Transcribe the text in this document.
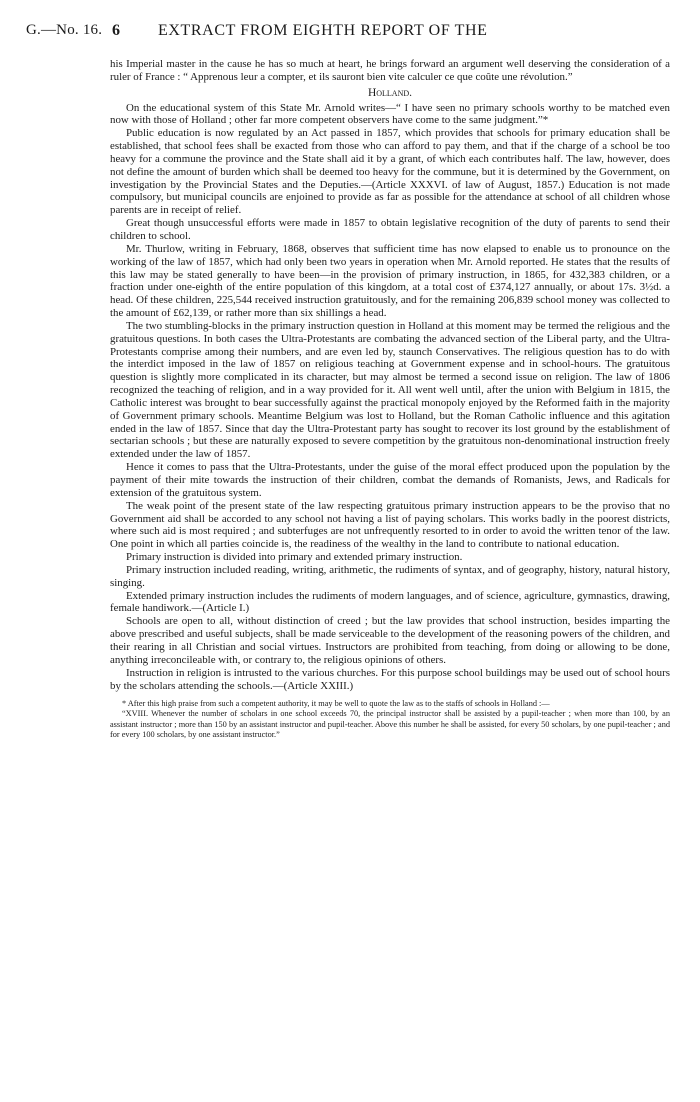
G.—No. 16. 6 EXTRACT FROM EIGHTH REPORT OF THE

his Imperial master in the cause he has so much at heart, he brings forward an argument well deserving the consideration of a ruler of France : “ Apprenous leur a compter, et ils sauront bien vite calculer ce que coûte une révolution.”

Holland.

On the educational system of this State Mr. Arnold writes—“ I have seen no primary schools worthy to be matched even now with those of Holland ; other far more competent observers have come to the same judgment.”*

Public education is now regulated by an Act passed in 1857, which provides that schools for primary education shall be established, that school fees shall be exacted from those who can afford to pay them, and that if the charge of a school be too heavy for a commune the province and the State shall aid it by a grant, of which each contributes half. The law, however, does not define the amount of burden which shall be deemed too heavy for the commune, but it is determined by the Government, on investigation by the Provincial States and the Deputies.—(Article XXXVI. of law of August, 1857.) Education is not made compulsory, but municipal councils are enjoined to provide as far as possible for the attendance at school of all children whose parents are in receipt of relief.

Great though unsuccessful efforts were made in 1857 to obtain legislative recognition of the duty of parents to send their children to school.

Mr. Thurlow, writing in February, 1868, observes that sufficient time has now elapsed to enable us to pronounce on the working of the law of 1857, which had only been two years in operation when Mr. Arnold reported. He states that the results of this law may be stated generally to have been—in the provision of primary instruction, in 1865, for 432,383 children, or a fraction under one-eighth of the entire population of this kingdom, at a total cost of £374,127 annually, or about 17s. 3½d. a head. Of these children, 225,544 received instruction gratuitously, and for the remaining 206,839 school money was collected to the amount of £62,139, or rather more than six shillings a head.

The two stumbling-blocks in the primary instruction question in Holland at this moment may be termed the religious and the gratuitous questions. In both cases the Ultra-Protestants are combating the advanced section of the Liberal party, and the Ultra-Protestants comprise among their numbers, and are even led by, staunch Conservatives. The religious question has to do with the interdict imposed in the law of 1857 on religious teaching at Government expense and in school-hours. The gratuitous question is slightly more complicated in its character, but may almost be termed a second issue on religion. The law of 1806 recognized the teaching of religion, and in a way provided for it. All went well until, after the union with Belgium in 1815, the Catholic interest was brought to bear successfully against the practical monopoly enjoyed by the Reformed faith in the majority of Government primary schools. Meantime Belgium was lost to Holland, but the Roman Catholic influence and this agitation ended in the law of 1857. Since that day the Ultra-Protestant party has sought to recover its lost ground by the establishment of sectarian schools ; but these are naturally exposed to severe competition by the gratuitous non-denominational instruction freely extended under the law of 1857.

Hence it comes to pass that the Ultra-Protestants, under the guise of the moral effect produced upon the population by the payment of their mite towards the instruction of their children, combat the demands of Romanists, Jews, and Radicals for extension of the gratuitous system.

The weak point of the present state of the law respecting gratuitous primary instruction appears to be the proviso that no Government aid shall be accorded to any school not having a list of paying scholars. This works badly in the poorest districts, where such aid is most required ; and subterfuges are not unfrequently resorted to in order to avoid the written tenor of the law. One point in which all parties coincide is, the readiness of the wealthy in the land to contribute to national education.

Primary instruction is divided into primary and extended primary instruction.

Primary instruction included reading, writing, arithmetic, the rudiments of syntax, and of geography, history, natural history, singing.

Extended primary instruction includes the rudiments of modern languages, and of science, agriculture, gymnastics, drawing, female handiwork.—(Article I.)

Schools are open to all, without distinction of creed ; but the law provides that school instruction, besides imparting the above prescribed and useful subjects, shall be made serviceable to the development of the reasoning powers of the children, and their rearing in all Christian and social virtues. Instructors are prohibited from teaching, from doing or allowing to be done, anything irreconcileable with, or contrary to, the religious opinions of others.

Instruction in religion is intrusted to the various churches. For this purpose school buildings may be used out of school hours by the scholars attending the schools.—(Article XXIII.)

* After this high praise from such a competent authority, it may be well to quote the law as to the staffs of schools in Holland :—

“XVIII. Whenever the number of scholars in one school exceeds 70, the principal instructor shall be assisted by a pupil-teacher ; when more than 100, by an assistant instructor ; more than 150 by an assistant instructor and pupil-teacher. Above this number he shall be assisted, for every 50 scholars, by one pupil-teacher ; and for every 100 scholars, by one assistant instructor.”
